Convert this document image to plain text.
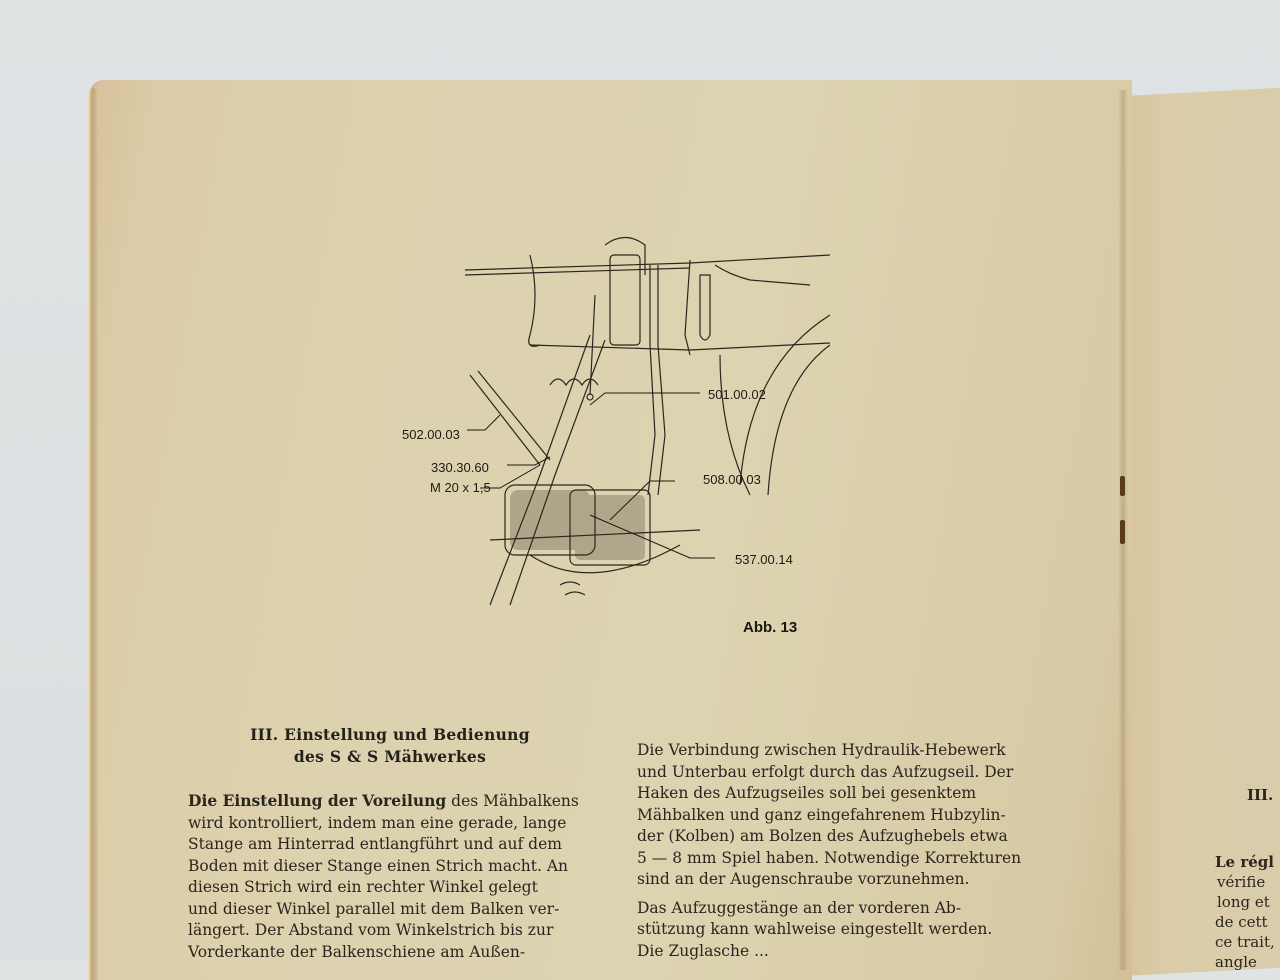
502.00.03
501.00.02
330.30.60
M 20 x 1,5
508.00.03
537.00.14
Abb. 13
III. Einstellung und Bedienung
des S & S Mähwerkes
Die Einstellung der Voreilung des Mähbalkens
wird kontrolliert, indem man eine gerade, lange
Stange am Hinterrad entlangführt und auf dem
Boden mit dieser Stange einen Strich macht. An
diesen Strich wird ein rechter Winkel gelegt
und dieser Winkel parallel mit dem Balken ver-
längert. Der Abstand vom Winkelstrich bis zur
Vorderkante der Balkenschiene am Außen-

Die Verbindung zwischen Hydraulik-Hebewerk
und Unterbau erfolgt durch das Aufzugseil. Der
Haken des Aufzugseiles soll bei gesenktem
Mähbalken und ganz eingefahrenem Hubzylin-
der (Kolben) am Bolzen des Aufzughebels etwa
5 — 8 mm Spiel haben. Notwendige Korrekturen
sind an der Augenschraube vorzunehmen.

Das Aufzuggestänge an der vorderen Ab-
stützung kann wahlweise eingestellt werden.
Die Zuglasche ...

III.
Le régl
vérifie
long et
de cett
ce trait,
angle
